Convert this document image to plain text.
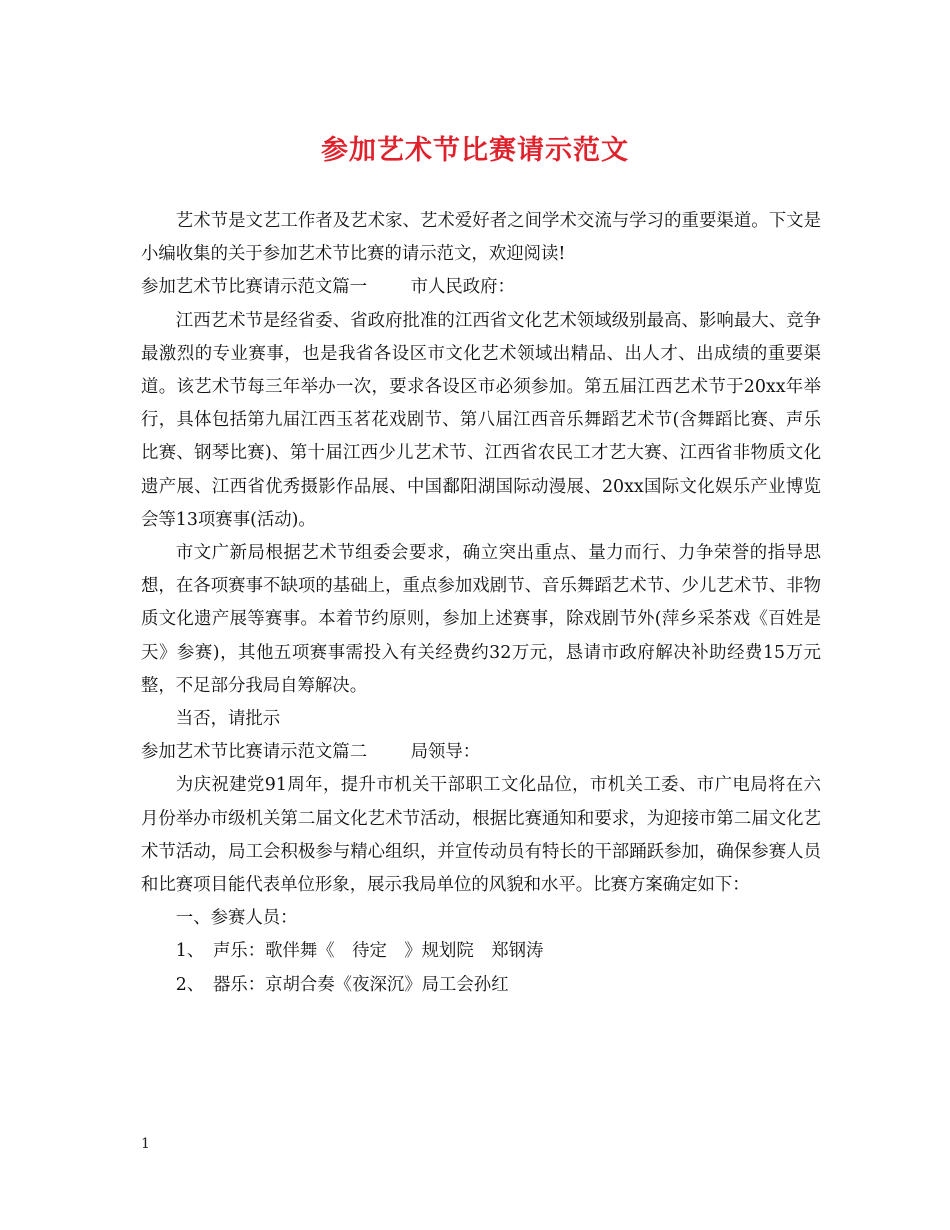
参加艺术节比赛请示范文

艺术节是文艺工作者及艺术家、艺术爱好者之间学术交流与学习的重要渠道。下文是小编收集的关于参加艺术节比赛的请示范文，欢迎阅读!

参加艺术节比赛请示范文篇一	市人民政府：

江西艺术节是经省委、省政府批准的江西省文化艺术领域级别最高、影响最大、竞争最激烈的专业赛事，也是我省各设区市文化艺术领域出精品、出人才、出成绩的重要渠道。该艺术节每三年举办一次，要求各设区市必须参加。第五届江西艺术节于20xx年举行，具体包括第九届江西玉茗花戏剧节、第八届江西音乐舞蹈艺术节(含舞蹈比赛、声乐比赛、钢琴比赛)、第十届江西少儿艺术节、江西省农民工才艺大赛、江西省非物质文化遗产展、江西省优秀摄影作品展、中国鄱阳湖国际动漫展、20xx国际文化娱乐产业博览会等13项赛事(活动)。

市文广新局根据艺术节组委会要求，确立突出重点、量力而行、力争荣誉的指导思想，在各项赛事不缺项的基础上，重点参加戏剧节、音乐舞蹈艺术节、少儿艺术节、非物质文化遗产展等赛事。本着节约原则，参加上述赛事，除戏剧节外(萍乡采茶戏《百姓是天》参赛)，其他五项赛事需投入有关经费约32万元，恳请市政府解决补助经费15万元整，不足部分我局自筹解决。

当否，请批示

参加艺术节比赛请示范文篇二	局领导：

为庆祝建党91周年，提升市机关干部职工文化品位，市机关工委、市广电局将在六月份举办市级机关第二届文化艺术节活动，根据比赛通知和要求，为迎接市第二届文化艺术节活动，局工会积极参与精心组织，并宣传动员有特长的干部踊跃参加，确保参赛人员和比赛项目能代表单位形象，展示我局单位的风貌和水平。比赛方案确定如下：

一、参赛人员：

1、　声乐：歌伴舞《　待定　》规划院　郑钢涛

2、　器乐：京胡合奏《夜深沉》局工会孙红

1
